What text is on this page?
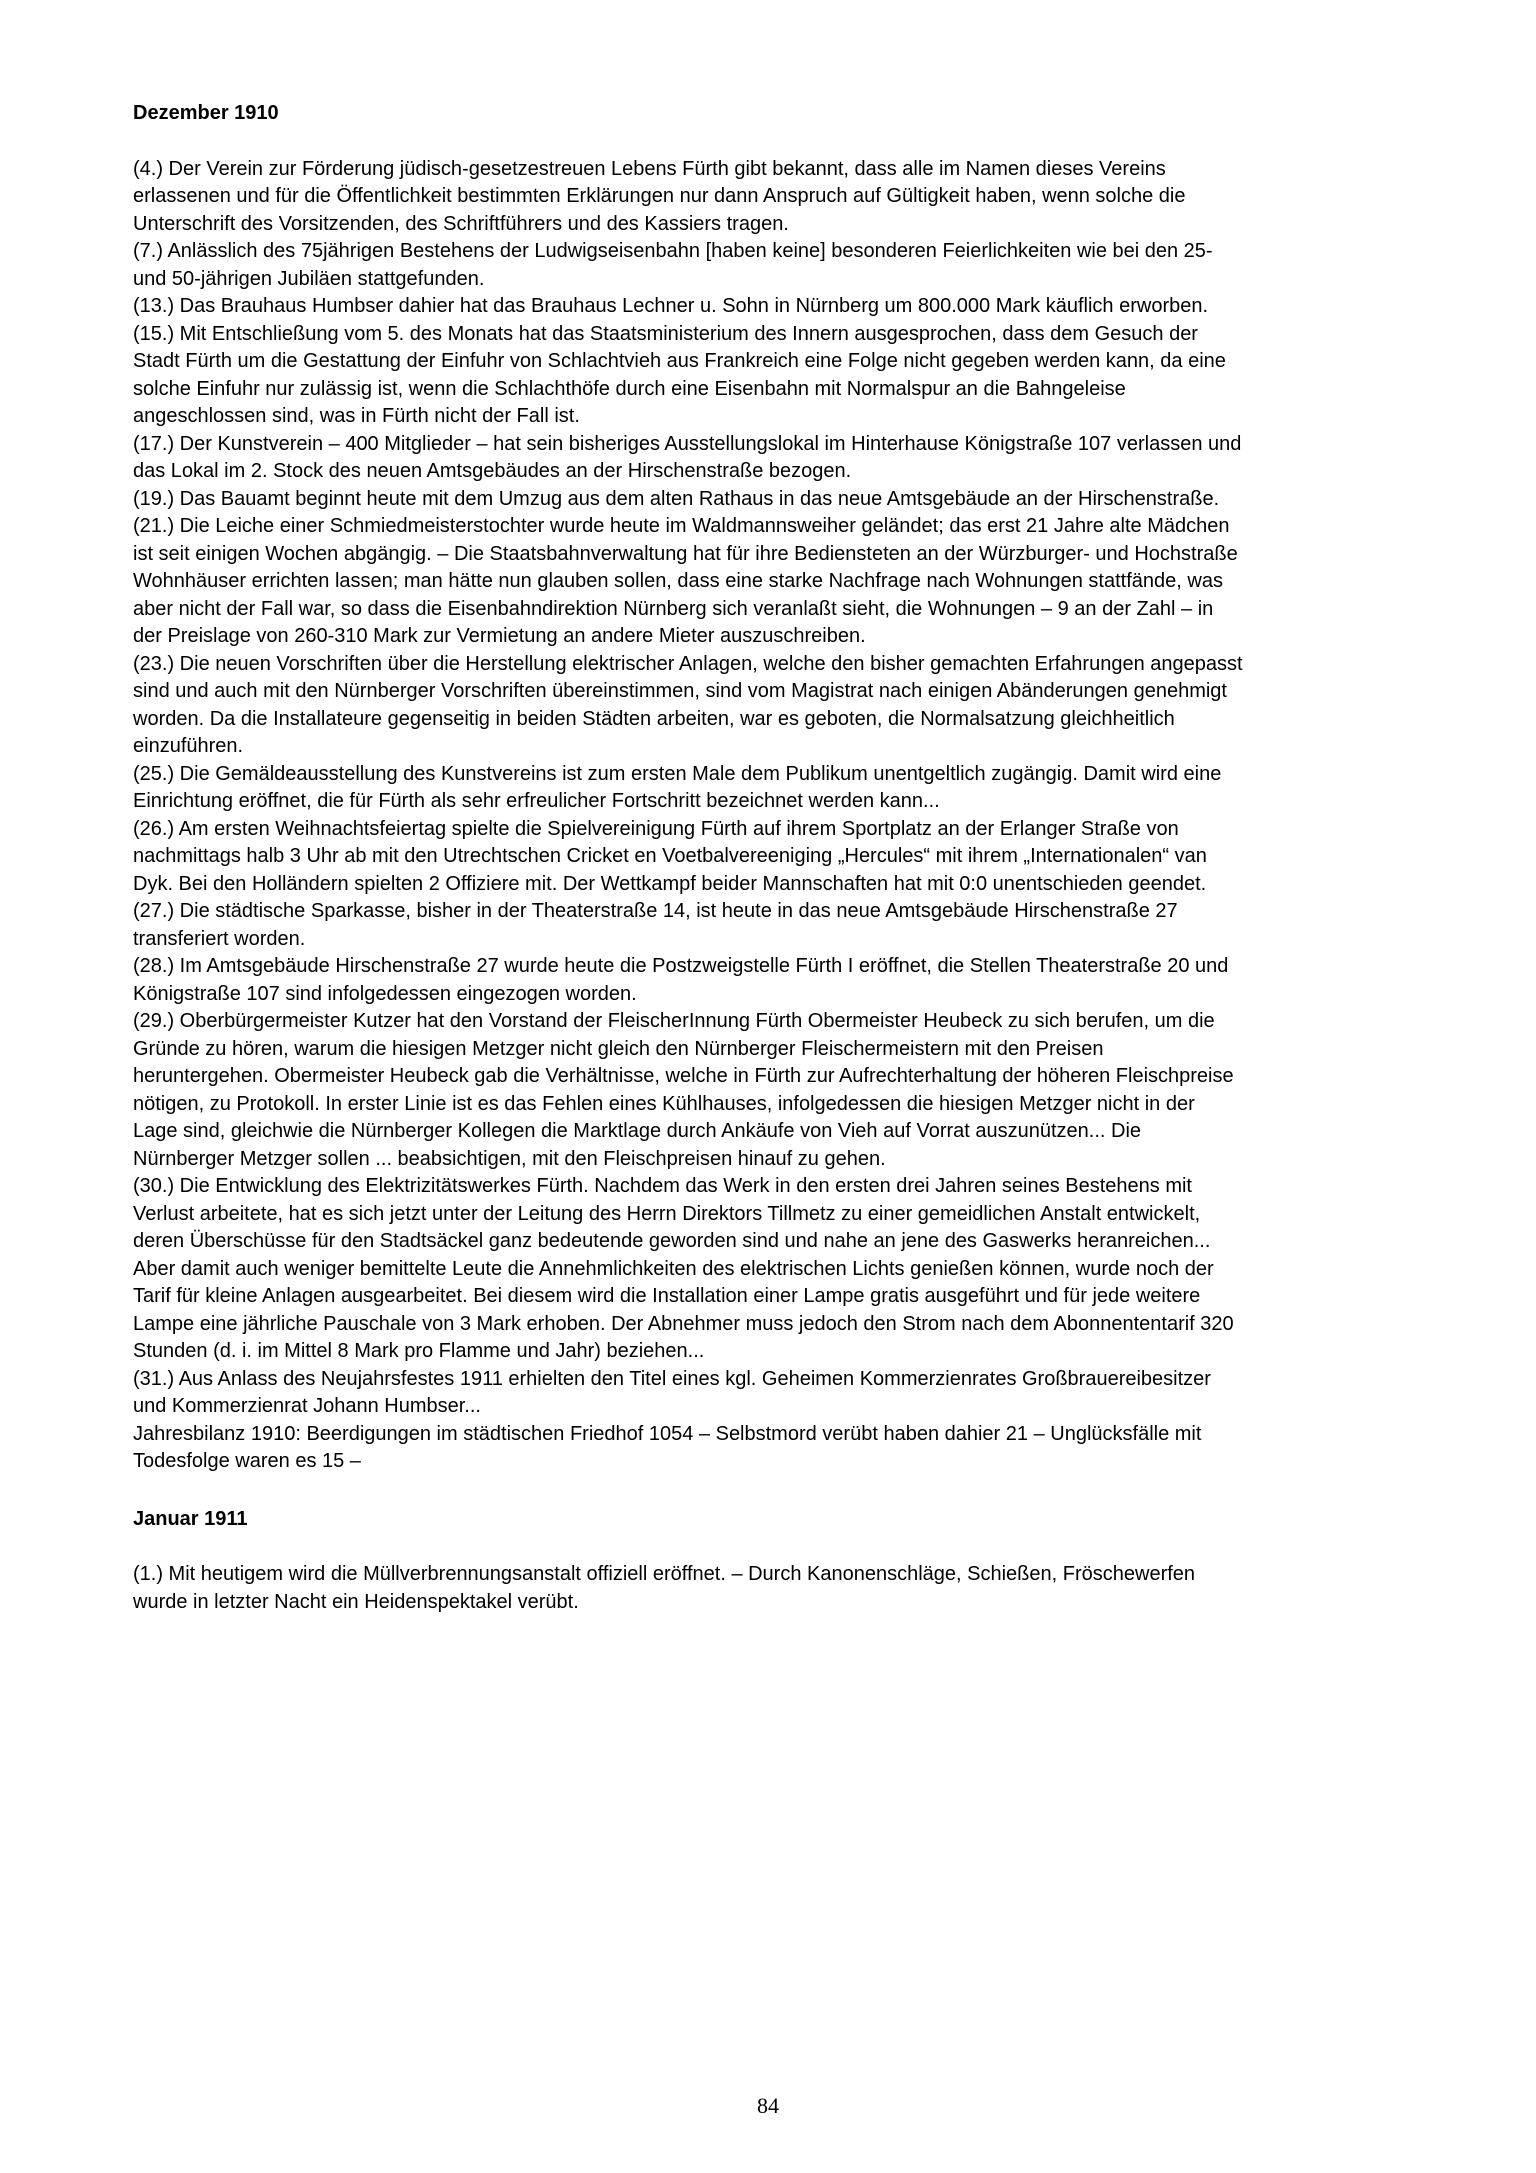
Dezember 1910

(4.) Der Verein zur Förderung jüdisch-gesetzestreuen Lebens Fürth gibt bekannt, dass alle im Namen dieses Vereins erlassenen und für die Öffentlichkeit bestimmten Erklärungen nur dann Anspruch auf Gültigkeit haben, wenn solche die Unterschrift des Vorsitzenden, des Schriftführers und des Kassiers tragen.

(7.) Anlässlich des 75jährigen Bestehens der Ludwigseisenbahn [haben keine] besonderen Feierlichkeiten wie bei den 25- und 50-jährigen Jubiläen stattgefunden.

(13.) Das Brauhaus Humbser dahier hat das Brauhaus Lechner u. Sohn in Nürnberg um 800.000 Mark käuflich erworben.

(15.) Mit Entschließung vom 5. des Monats hat das Staatsministerium des Innern ausgesprochen, dass dem Gesuch der Stadt Fürth um die Gestattung der Einfuhr von Schlachtvieh aus Frankreich eine Folge nicht gegeben werden kann, da eine solche Einfuhr nur zulässig ist, wenn die Schlachthöfe durch eine Eisenbahn mit Normalspur an die Bahngeleise angeschlossen sind, was in Fürth nicht der Fall ist.

(17.) Der Kunstverein – 400 Mitglieder – hat sein bisheriges Ausstellungslokal im Hinterhause Königstraße 107 verlassen und das Lokal im 2. Stock des neuen Amtsgebäudes an der Hirschenstraße bezogen.

(19.) Das Bauamt beginnt heute mit dem Umzug aus dem alten Rathaus in das neue Amtsgebäude an der Hirschenstraße.

(21.) Die Leiche einer Schmiedmeisterstochter wurde heute im Waldmannsweiher geländet; das erst 21 Jahre alte Mädchen ist seit einigen Wochen abgängig. – Die Staatsbahnverwaltung hat für ihre Bediensteten an der Würzburger- und Hochstraße Wohnhäuser errichten lassen; man hätte nun glauben sollen, dass eine starke Nachfrage nach Wohnungen stattfände, was aber nicht der Fall war, so dass die Eisenbahndirektion Nürnberg sich veranlaßt sieht, die Wohnungen – 9 an der Zahl – in der Preislage von 260-310 Mark zur Vermietung an andere Mieter auszuschreiben.

(23.) Die neuen Vorschriften über die Herstellung elektrischer Anlagen, welche den bisher gemachten Erfahrungen angepasst sind und auch mit den Nürnberger Vorschriften übereinstimmen, sind vom Magistrat nach einigen Abänderungen genehmigt worden. Da die Installateure gegenseitig in beiden Städten arbeiten, war es geboten, die Normalsatzung gleichheitlich einzuführen.

(25.) Die Gemäldeausstellung des Kunstvereins ist zum ersten Male dem Publikum unentgeltlich zugängig. Damit wird eine Einrichtung eröffnet, die für Fürth als sehr erfreulicher Fortschritt bezeichnet werden kann...

(26.) Am ersten Weihnachtsfeiertag spielte die Spielvereinigung Fürth auf ihrem Sportplatz an der Erlanger Straße von nachmittags halb 3 Uhr ab mit den Utrechtschen Cricket en Voetbalvereeniging „Hercules“ mit ihrem „Internationalen“ van Dyk. Bei den Holländern spielten 2 Offiziere mit. Der Wettkampf beider Mannschaften hat mit 0:0 unentschieden geendet.

(27.) Die städtische Sparkasse, bisher in der Theaterstraße 14, ist heute in das neue Amtsgebäude Hirschenstraße 27 transferiert worden.

(28.) Im Amtsgebäude Hirschenstraße 27 wurde heute die Postzweigstelle Fürth I eröffnet, die Stellen Theaterstraße 20 und Königstraße 107 sind infolgedessen eingezogen worden.

(29.) Oberbürgermeister Kutzer hat den Vorstand der FleischerInnung Fürth Obermeister Heubeck zu sich berufen, um die Gründe zu hören, warum die hiesigen Metzger nicht gleich den Nürnberger Fleischermeistern mit den Preisen heruntergehen. Obermeister Heubeck gab die Verhältnisse, welche in Fürth zur Aufrechterhaltung der höheren Fleischpreise nötigen, zu Protokoll. In erster Linie ist es das Fehlen eines Kühlhauses, infolgedessen die hiesigen Metzger nicht in der Lage sind, gleichwie die Nürnberger Kollegen die Marktlage durch Ankäufe von Vieh auf Vorrat auszunützen... Die Nürnberger Metzger sollen ... beabsichtigen, mit den Fleischpreisen hinauf zu gehen.

(30.) Die Entwicklung des Elektrizitätswerkes Fürth. Nachdem das Werk in den ersten drei Jahren seines Bestehens mit Verlust arbeitete, hat es sich jetzt unter der Leitung des Herrn Direktors Tillmetz zu einer gemeidlichen Anstalt entwickelt, deren Überschüsse für den Stadtsäckel ganz bedeutende geworden sind und nahe an jene des Gaswerks heranreichen... Aber damit auch weniger bemittelte Leute die Annehmlichkeiten des elektrischen Lichts genießen können, wurde noch der Tarif für kleine Anlagen ausgearbeitet. Bei diesem wird die Installation einer Lampe gratis ausgeführt und für jede weitere Lampe eine jährliche Pauschale von 3 Mark erhoben. Der Abnehmer muss jedoch den Strom nach dem Abonnententarif 320 Stunden (d. i. im Mittel 8 Mark pro Flamme und Jahr) beziehen...

(31.) Aus Anlass des Neujahrsfestes 1911 erhielten den Titel eines kgl. Geheimen Kommerzienrates Großbrauereibesitzer und Kommerzienrat Johann Humbser...

Jahresbilanz 1910: Beerdigungen im städtischen Friedhof 1054 – Selbstmord verübt haben dahier 21 – Unglücksfälle mit Todesfolge waren es 15 –

Januar 1911

(1.) Mit heutigem wird die Müllverbrennungsanstalt offiziell eröffnet. – Durch Kanonenschläge, Schießen, Fröschewerfen wurde in letzter Nacht ein Heidenspektakel verübt.

84
